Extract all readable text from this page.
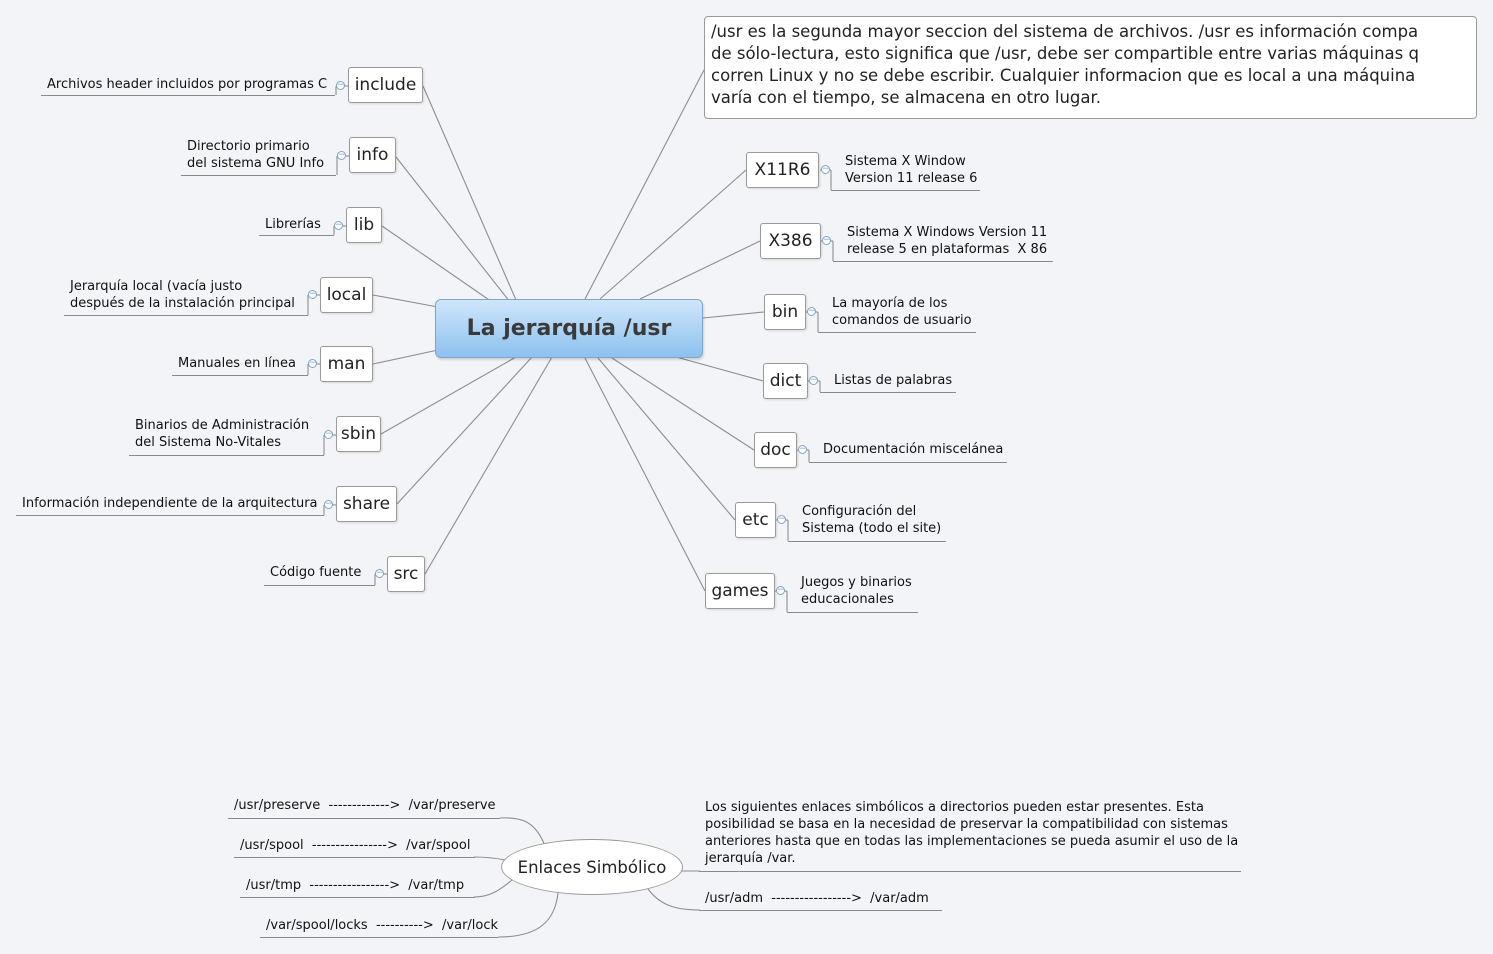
La jerarquía /usr
/usr es la segunda mayor seccion del sistema de archivos. /usr es información compa
de sólo-lectura, esto significa que /usr, debe ser compartible entre varias máquinas q
corren Linux y no se debe escribir. Cualquier informacion que es local a una máquina
varía con el tiempo, se almacena en otro lugar.
include
info
lib
local
man
sbin
share
src
Archivos header incluidos por programas C
Directorio primario
del sistema GNU Info
Librerías
Jerarquía local (vacía justo
después de la instalación principal
Manuales en línea
Binarios de Administración
del Sistema No-Vitales
Información independiente de la arquitectura
Código fuente
−
−
−
−
−
−
−
−
X11R6
X386
bin
dict
doc
etc
games
Sistema X Window
Version 11 release 6
Sistema X Windows Version 11
release 5 en plataformas  X 86
La mayoría de los
comandos de usuario
Listas de palabras
Documentación miscelánea
Configuración del
Sistema (todo el site)
Juegos y binarios
educacionales
−
−
−
−
−
−
−
Enlaces Simbólico
/usr/preserve  ------------->  /var/preserve
/usr/spool  ---------------->  /var/spool
/usr/tmp  ----------------->  /var/tmp
/var/spool/locks  ---------->  /var/lock
Los siguientes enlaces simbólicos a directorios pueden estar presentes. Esta
posibilidad se basa en la necesidad de preservar la compatibilidad con sistemas
anteriores hasta que en todas las implementaciones se pueda asumir el uso de la
jerarquía /var.
/usr/adm  ----------------->  /var/adm
